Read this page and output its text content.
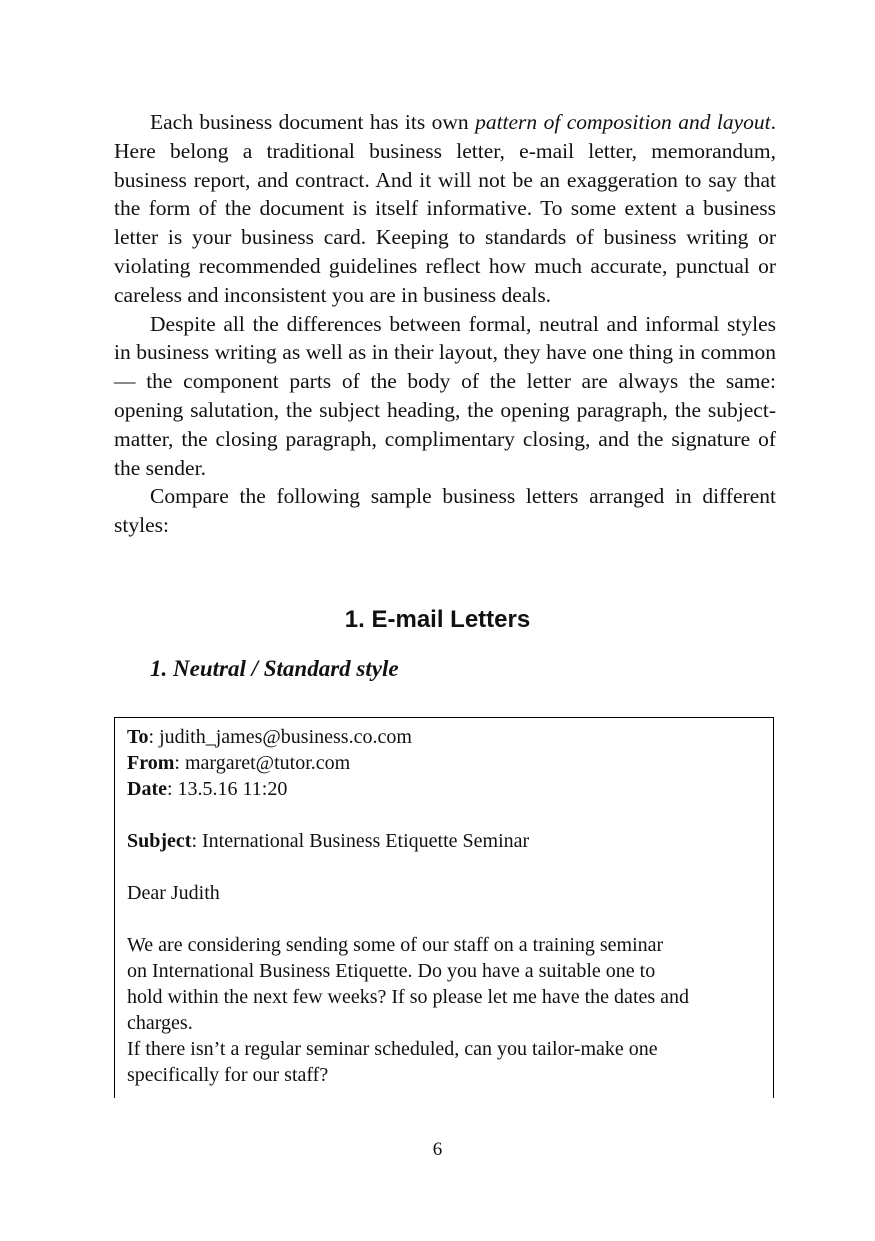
Each business document has its own pattern of composition and layout. Here belong a traditional business letter, e-mail letter, memorandum, business report, and contract. And it will not be an exaggeration to say that the form of the document is itself informative. To some extent a business letter is your business card. Keeping to standards of business writing or violating recommended guidelines reflect how much accurate, punctual or careless and inconsistent you are in business deals.

Despite all the differences between formal, neutral and informal styles in business writing as well as in their layout, they have one thing in common — the component parts of the body of the letter are always the same: opening salutation, the subject heading, the opening paragraph, the subject-matter, the closing paragraph, complimentary closing, and the signature of the sender.

Compare the following sample business letters arranged in different styles:

1. E-mail Letters
1. Neutral / Standard style
To: judith_james@business.co.com
From: margaret@tutor.com
Date: 13.5.16 11:20
Subject: International Business Etiquette Seminar
Dear Judith
We are considering sending some of our staff on a training seminar
on International Business Etiquette. Do you have a suitable one to
hold within the next few weeks? If so please let me have the dates and
charges.
If there isn’t a regular seminar scheduled, can you tailor-make one
specifically for our staff?
6
